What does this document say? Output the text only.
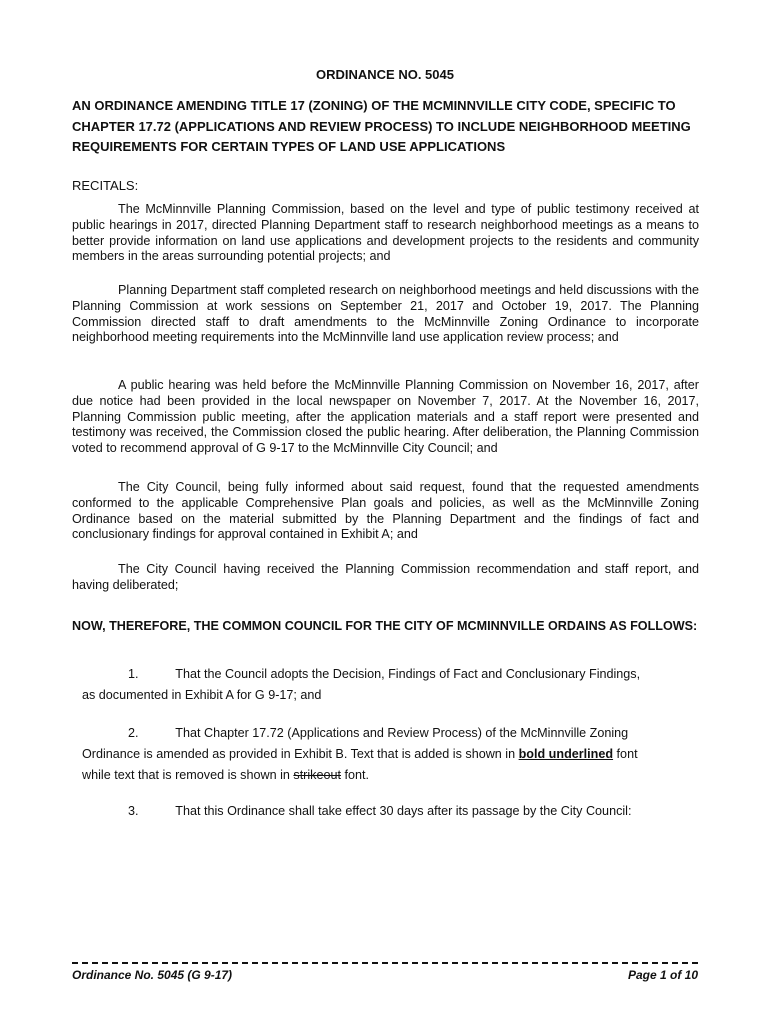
ORDINANCE NO. 5045
AN ORDINANCE AMENDING TITLE 17 (ZONING) OF THE MCMINNVILLE CITY CODE, SPECIFIC TO CHAPTER 17.72 (APPLICATIONS AND REVIEW PROCESS) TO INCLUDE NEIGHBORHOOD MEETING REQUIREMENTS FOR CERTAIN TYPES OF LAND USE APPLICATIONS
RECITALS:

The McMinnville Planning Commission, based on the level and type of public testimony received at public hearings in 2017, directed Planning Department staff to research neighborhood meetings as a means to better provide information on land use applications and development projects to the residents and community members in the areas surrounding potential projects; and

Planning Department staff completed research on neighborhood meetings and held discussions with the Planning Commission at work sessions on September 21, 2017 and October 19, 2017. The Planning Commission directed staff to draft amendments to the McMinnville Zoning Ordinance to incorporate neighborhood meeting requirements into the McMinnville land use application review process; and

A public hearing was held before the McMinnville Planning Commission on November 16, 2017, after due notice had been provided in the local newspaper on November 7, 2017. At the November 16, 2017, Planning Commission public meeting, after the application materials and a staff report were presented and testimony was received, the Commission closed the public hearing. After deliberation, the Planning Commission voted to recommend approval of G 9-17 to the McMinnville City Council; and

The City Council, being fully informed about said request, found that the requested amendments conformed to the applicable Comprehensive Plan goals and policies, as well as the McMinnville Zoning Ordinance based on the material submitted by the Planning Department and the findings of fact and conclusionary findings for approval contained in Exhibit A; and

The City Council having received the Planning Commission recommendation and staff report, and having deliberated;

NOW, THEREFORE, THE COMMON COUNCIL FOR THE CITY OF MCMINNVILLE ORDAINS AS FOLLOWS:
1.	That the Council adopts the Decision, Findings of Fact and Conclusionary Findings,
as documented in Exhibit A for G 9-17; and
2.	That Chapter 17.72 (Applications and Review Process) of the McMinnville Zoning
Ordinance is amended as provided in Exhibit B. Text that is added is shown in bold underlined font
while text that is removed is shown in strikeout font.
3.	That this Ordinance shall take effect 30 days after its passage by the City Council:
Ordinance No. 5045 (G 9-17)	Page 1 of 10
